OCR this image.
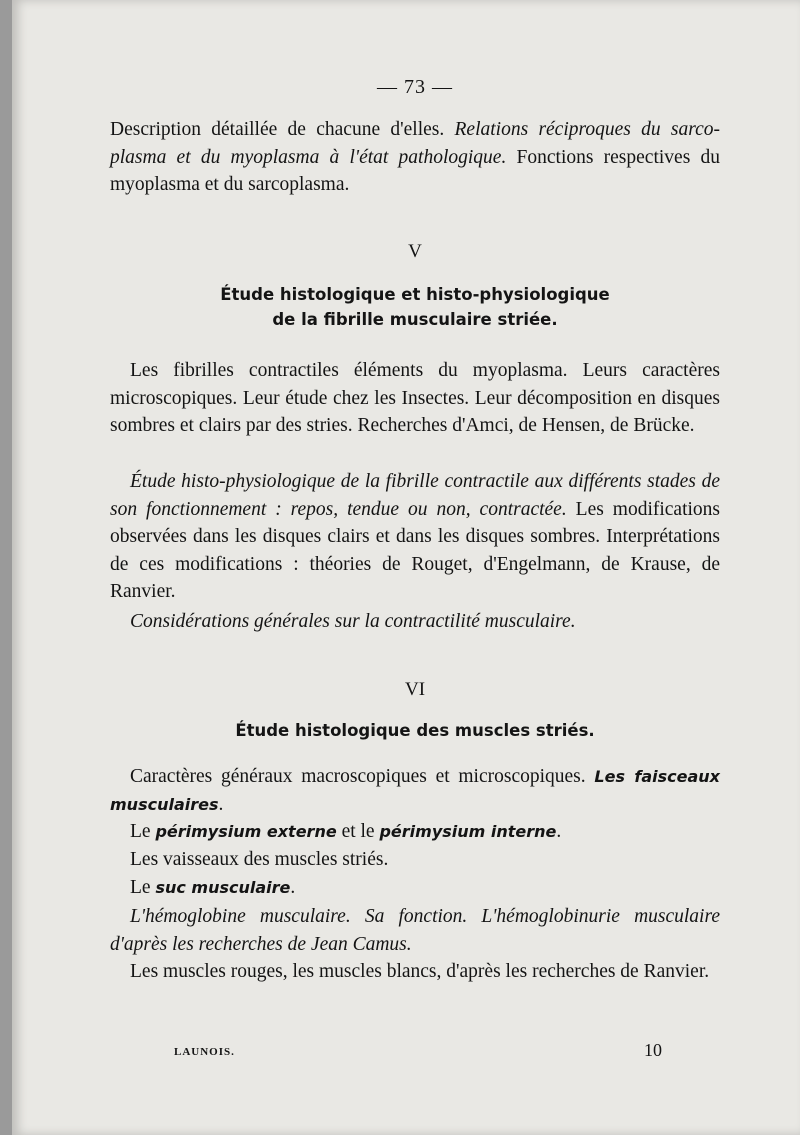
— 73 —

Description détaillée de chacune d'elles. Relations réciproques du sarco-plasma et du myoplasma à l'état pathologique. Fonctions respectives du myoplasma et du sarcoplasma.

V

Étude histologique et histo-physiologique

de la fibrille musculaire striée.

Les fibrilles contractiles éléments du myoplasma. Leurs caractères microscopiques. Leur étude chez les Insectes. Leur décomposition en disques sombres et clairs par des stries. Recherches d'Amci, de Hensen, de Brücke.

Étude histo-physiologique de la fibrille contractile aux différents stades de son fonctionnement : repos, tendue ou non, contractée. Les modifications observées dans les disques clairs et dans les disques sombres. Interprétations de ces modifications : théories de Rouget, d'Engelmann, de Krause, de Ranvier.

Considérations générales sur la contractilité musculaire.

VI

Étude histologique des muscles striés.

Caractères généraux macroscopiques et microscopiques. Les faisceaux musculaires.

Le périmysium externe et le périmysium interne.

Les vaisseaux des muscles striés.

Le suc musculaire.

L'hémoglobine musculaire. Sa fonction. L'hémoglobinurie musculaire d'après les recherches de Jean Camus.

Les muscles rouges, les muscles blancs, d'après les recherches de Ranvier.

LAUNOIS.	10
